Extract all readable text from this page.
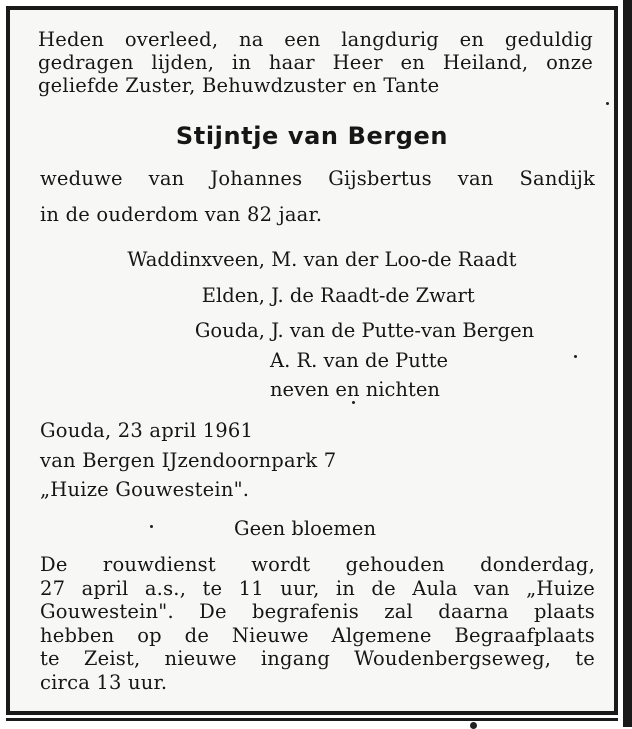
Heden overleed, na een langdurig en geduldig
gedragen lijden, in haar Heer en Heiland, onze
geliefde Zuster, Behuwdzuster en Tante
Stijntje van Bergen
weduwe van Johannes Gijsbertus van Sandijk
in de ouderdom van 82 jaar.
Waddinxveen, M. van der Loo-de Raadt
Elden, J. de Raadt-de Zwart
Gouda, J. van de Putte-van Bergen
A. R. van de Putte
neven en nichten
Gouda, 23 april 1961
van Bergen IJzendoornpark 7
„Huize Gouwestein".
Geen bloemen
De rouwdienst wordt gehouden donderdag,
27 april a.s., te 11 uur, in de Aula van „Huize
Gouwestein". De begrafenis zal daarna plaats
hebben op de Nieuwe Algemene Begraafplaats
te Zeist, nieuwe ingang Woudenbergseweg, te
circa 13 uur.
